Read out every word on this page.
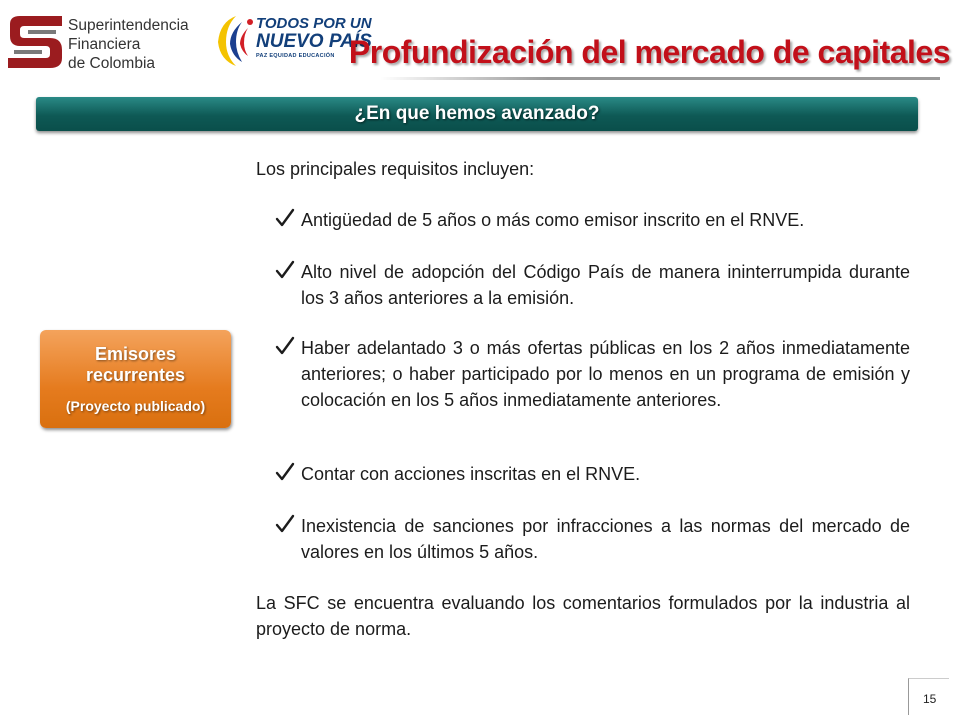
Superintendencia
Financiera
de Colombia
TODOS POR UN
NUEVO PAÍS
PAZ EQUIDAD EDUCACIÓN Profundización del mercado de capitales
¿En que hemos avanzado?
Emisores
recurrentes
(Proyecto publicado)
Los principales requisitos incluyen:
Antigüedad de 5 años o más como emisor inscrito en el RNVE.
Alto nivel de adopción del Código País de manera ininterrumpida durante los 3 años anteriores a la emisión.
Haber adelantado 3 o más ofertas públicas en los 2 años inmediatamente anteriores; o haber participado por lo menos en un programa de emisión y colocación en los 5 años inmediatamente anteriores.
Contar con acciones inscritas en el RNVE.
Inexistencia de sanciones por infracciones a las normas del mercado de valores en los últimos 5 años.
La SFC se encuentra evaluando los comentarios formulados por la industria al proyecto de norma.
15
